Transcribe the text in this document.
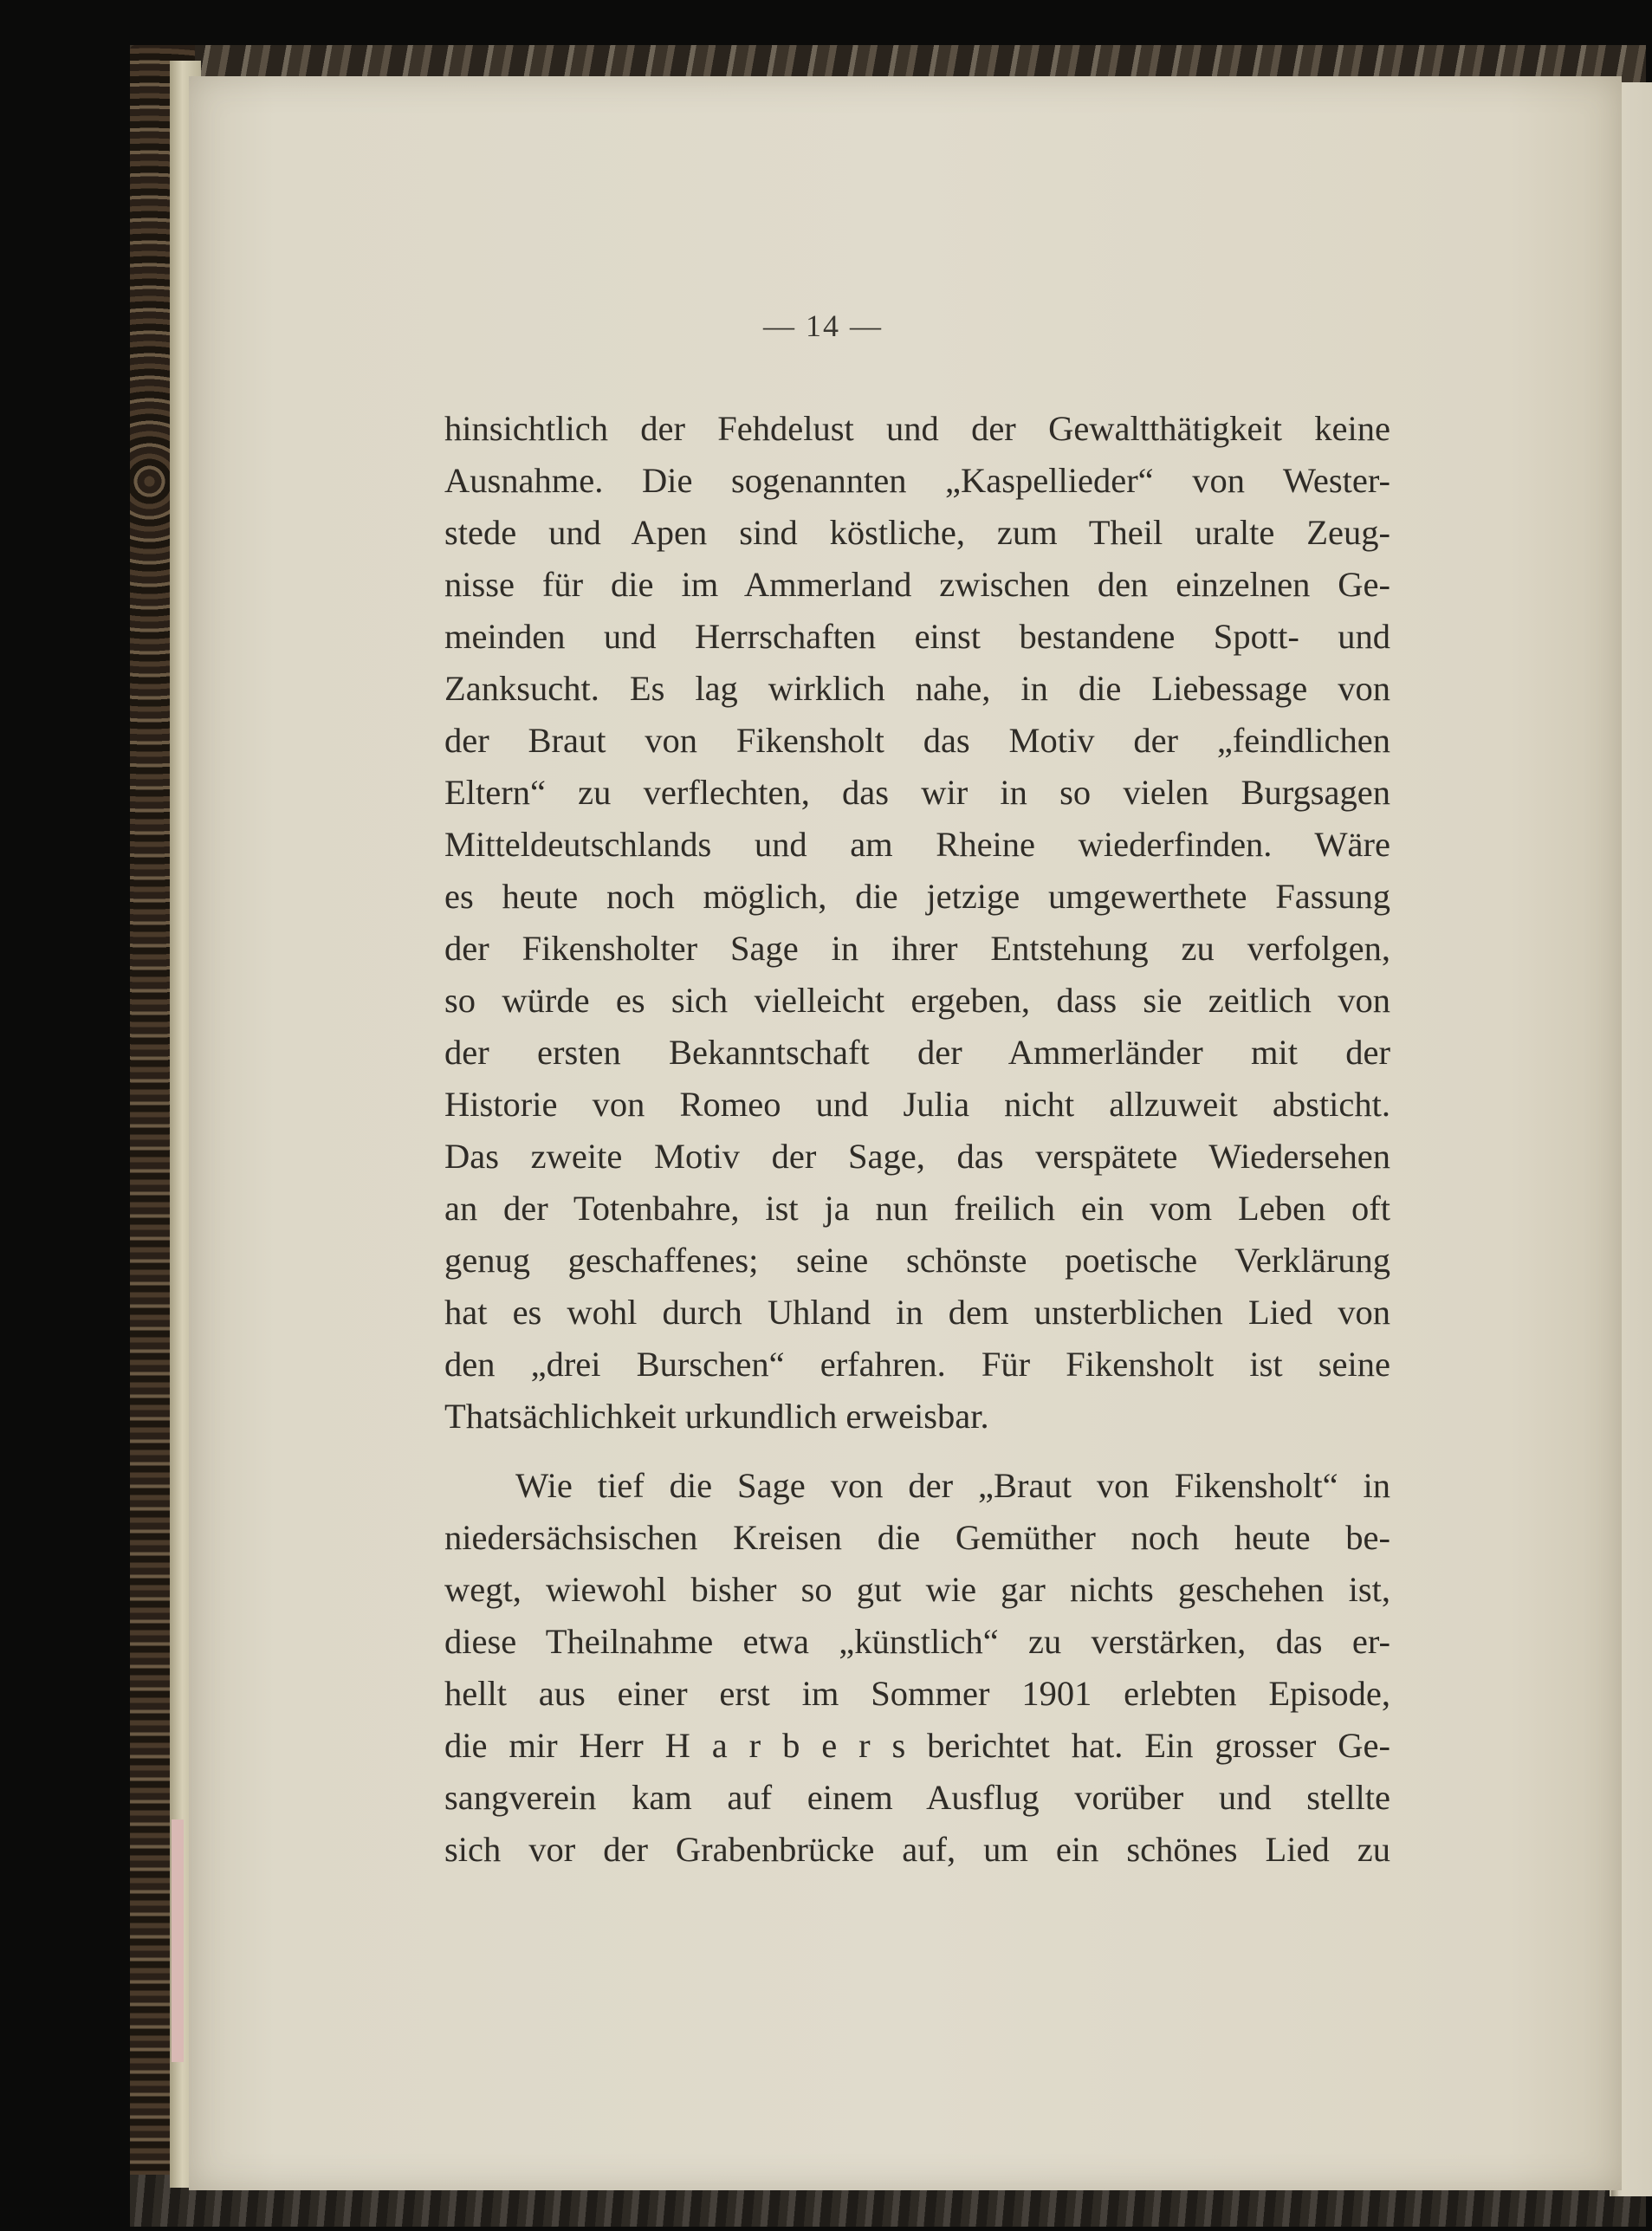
— 14 —
hinsichtlich der Fehdelust und der Gewaltthätigkeit keine
Ausnahme. Die sogenannten „Kaspellieder“ von Wester-
stede und Apen sind köstliche, zum Theil uralte Zeug-
nisse für die im Ammerland zwischen den einzelnen Ge-
meinden und Herrschaften einst bestandene Spott- und
Zanksucht. Es lag wirklich nahe, in die Liebessage von
der Braut von Fikensholt das Motiv der „feindlichen
Eltern“ zu verflechten, das wir in so vielen Burgsagen
Mitteldeutschlands und am Rheine wiederfinden. Wäre
es heute noch möglich, die jetzige umgewerthete Fassung
der Fikensholter Sage in ihrer Entstehung zu verfolgen,
so würde es sich vielleicht ergeben, dass sie zeitlich von
der ersten Bekanntschaft der Ammerländer mit der
Historie von Romeo und Julia nicht allzuweit absticht.
Das zweite Motiv der Sage, das verspätete Wiedersehen
an der Totenbahre, ist ja nun freilich ein vom Leben oft
genug geschaffenes; seine schönste poetische Verklärung
hat es wohl durch Uhland in dem unsterblichen Lied von
den „drei Burschen“ erfahren. Für Fikensholt ist seine
Thatsächlichkeit urkundlich erweisbar.
Wie tief die Sage von der „Braut von Fikensholt“ in
niedersächsischen Kreisen die Gemüther noch heute be-
wegt, wiewohl bisher so gut wie gar nichts geschehen ist,
diese Theilnahme etwa „künstlich“ zu verstärken, das er-
hellt aus einer erst im Sommer 1901 erlebten Episode,
die mir Herr H a r b e r s berichtet hat. Ein grosser Ge-
sangverein kam auf einem Ausflug vorüber und stellte
sich vor der Grabenbrücke auf, um ein schönes Lied zu
